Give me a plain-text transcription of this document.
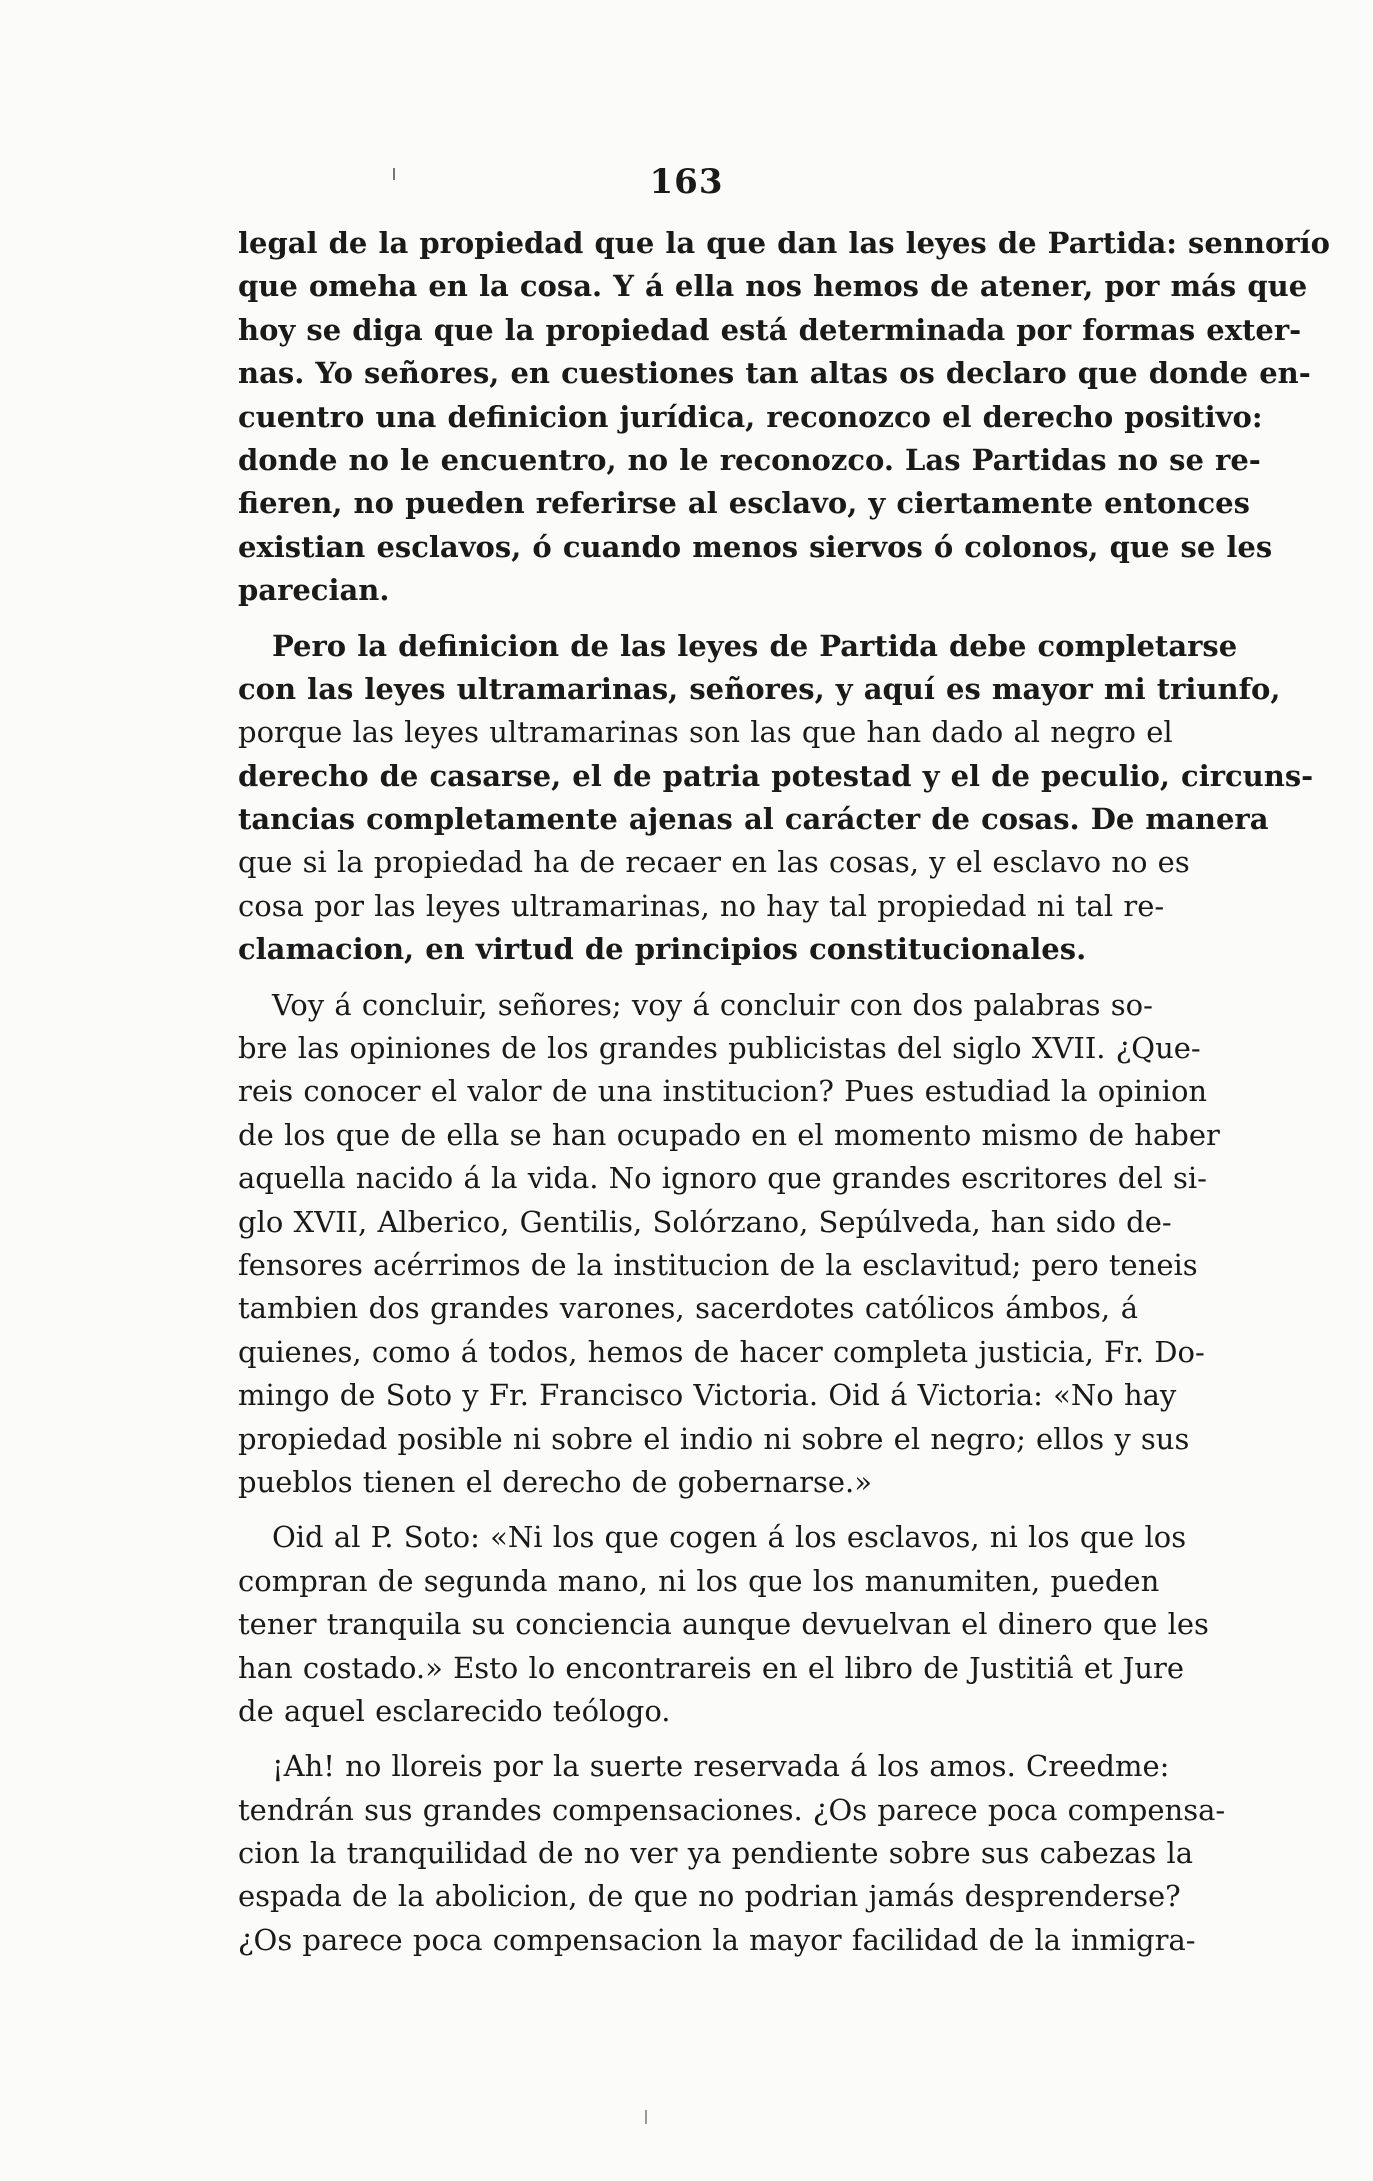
163
legal de la propiedad que la que dan las leyes de Partida: sennorío
que omeha en la cosa. Y á ella nos hemos de atener, por más que
hoy se diga que la propiedad está determinada por formas exter-
nas. Yo señores, en cuestiones tan altas os declaro que donde en-
cuentro una definicion jurídica, reconozco el derecho positivo:
donde no le encuentro, no le reconozco. Las Partidas no se re-
fieren, no pueden referirse al esclavo, y ciertamente entonces
existian esclavos, ó cuando menos siervos ó colonos, que se les
parecian.
Pero la definicion de las leyes de Partida debe completarse
con las leyes ultramarinas, señores, y aquí es mayor mi triunfo,
porque las leyes ultramarinas son las que han dado al negro el
derecho de casarse, el de patria potestad y el de peculio, circuns-
tancias completamente ajenas al carácter de cosas. De manera
que si la propiedad ha de recaer en las cosas, y el esclavo no es
cosa por las leyes ultramarinas, no hay tal propiedad ni tal re-
clamacion, en virtud de principios constitucionales.
Voy á concluir, señores; voy á concluir con dos palabras so-
bre las opiniones de los grandes publicistas del siglo XVII. ¿Que-
reis conocer el valor de una institucion? Pues estudiad la opinion
de los que de ella se han ocupado en el momento mismo de haber
aquella nacido á la vida. No ignoro que grandes escritores del si-
glo XVII, Alberico, Gentilis, Solórzano, Sepúlveda, han sido de-
fensores acérrimos de la institucion de la esclavitud; pero teneis
tambien dos grandes varones, sacerdotes católicos ámbos, á
quienes, como á todos, hemos de hacer completa justicia, Fr. Do-
mingo de Soto y Fr. Francisco Victoria. Oid á Victoria: «No hay
propiedad posible ni sobre el indio ni sobre el negro; ellos y sus
pueblos tienen el derecho de gobernarse.»
Oid al P. Soto: «Ni los que cogen á los esclavos, ni los que los
compran de segunda mano, ni los que los manumiten, pueden
tener tranquila su conciencia aunque devuelvan el dinero que les
han costado.» Esto lo encontrareis en el libro de Justitiâ et Jure
de aquel esclarecido teólogo.
¡Ah! no lloreis por la suerte reservada á los amos. Creedme:
tendrán sus grandes compensaciones. ¿Os parece poca compensa-
cion la tranquilidad de no ver ya pendiente sobre sus cabezas la
espada de la abolicion, de que no podrian jamás desprenderse?
¿Os parece poca compensacion la mayor facilidad de la inmigra-
